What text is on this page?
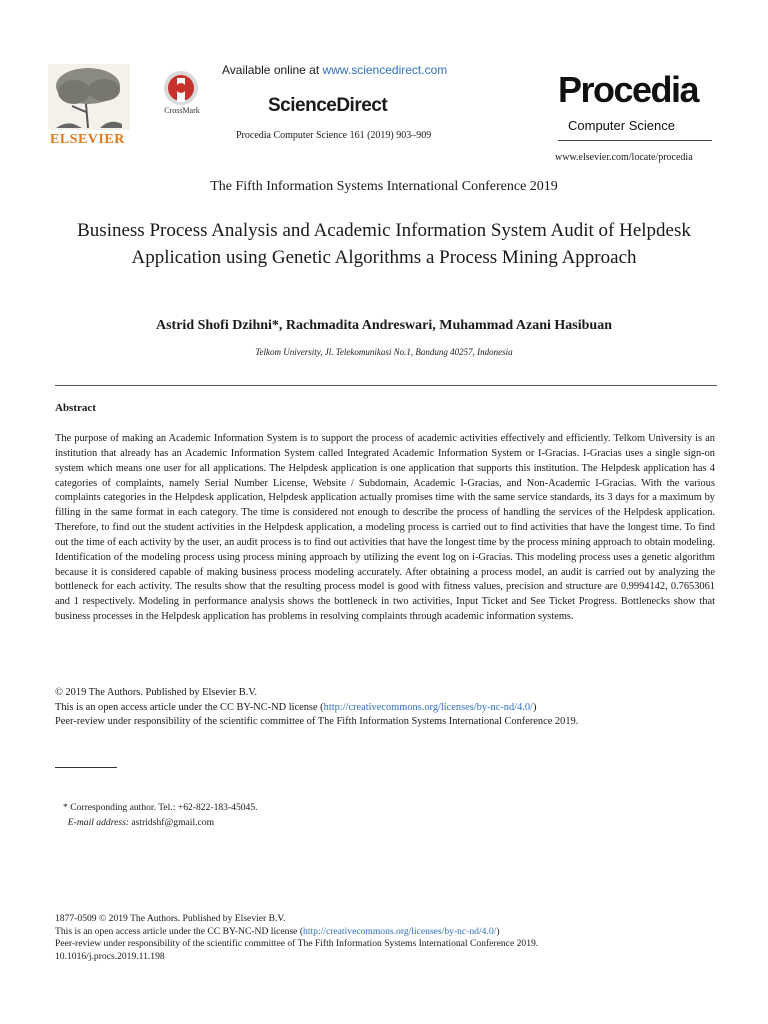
ELSEVIER
CrossMark
Available online at www.sciencedirect.com
ScienceDirect
Procedia Computer Science 161 (2019) 903–909
Procedia
Computer Science
www.elsevier.com/locate/procedia
The Fifth Information Systems International Conference 2019
Business Process Analysis and Academic Information System Audit of Helpdesk Application using Genetic Algorithms a Process Mining Approach
Astrid Shofi Dzihni*, Rachmadita Andreswari, Muhammad Azani Hasibuan
Telkom University, Jl. Telekomunikasi No.1, Bandung 40257, Indonesia
Abstract
The purpose of making an Academic Information System is to support the process of academic activities effectively and efficiently. Telkom University is an institution that already has an Academic Information System called Integrated Academic Information System or I-Gracias. I-Gracias uses a single sign-on system which means one user for all applications. The Helpdesk application is one application that supports this institution. The Helpdesk application has 4 categories of complaints, namely Serial Number License, Website / Subdomain, Academic I-Gracias, and Non-Academic I-Gracias. With the various complaints categories in the Helpdesk application, Helpdesk application actually promises time with the same service standards, its 3 days for a maximum by filling in the same format in each category. The time is considered not enough to describe the process of handling the services of the Helpdesk application. Therefore, to find out the student activities in the Helpdesk application, a modeling process is carried out to find activities that have the longest time. To find out the time of each activity by the user, an audit process is to find out activities that have the longest time by the process mining approach to obtain modeling. Identification of the modeling process using process mining approach by utilizing the event log on i-Gracias. This modeling process uses a genetic algorithm because it is considered capable of making business process modeling accurately. After obtaining a process model, an audit is carried out by analyzing the bottleneck for each activity. The results show that the resulting process model is good with fitness values, precision and structure are 0.9994142, 0.7653061 and 1 respectively. Modeling in performance analysis shows the bottleneck in two activities, Input Ticket and See Ticket Progress. Bottlenecks show that business processes in the Helpdesk application has problems in resolving complaints through academic information systems.
© 2019 The Authors. Published by Elsevier B.V.
This is an open access article under the CC BY-NC-ND license (http://creativecommons.org/licenses/by-nc-nd/4.0/)
Peer-review under responsibility of the scientific committee of The Fifth Information Systems International Conference 2019.
* Corresponding author. Tel.: +62-822-183-45045.
E-mail address: astridshf@gmail.com
1877-0509 © 2019 The Authors. Published by Elsevier B.V.
This is an open access article under the CC BY-NC-ND license (http://creativecommons.org/licenses/by-nc-nd/4.0/)
Peer-review under responsibility of the scientific committee of The Fifth Information Systems International Conference 2019.
10.1016/j.procs.2019.11.198
